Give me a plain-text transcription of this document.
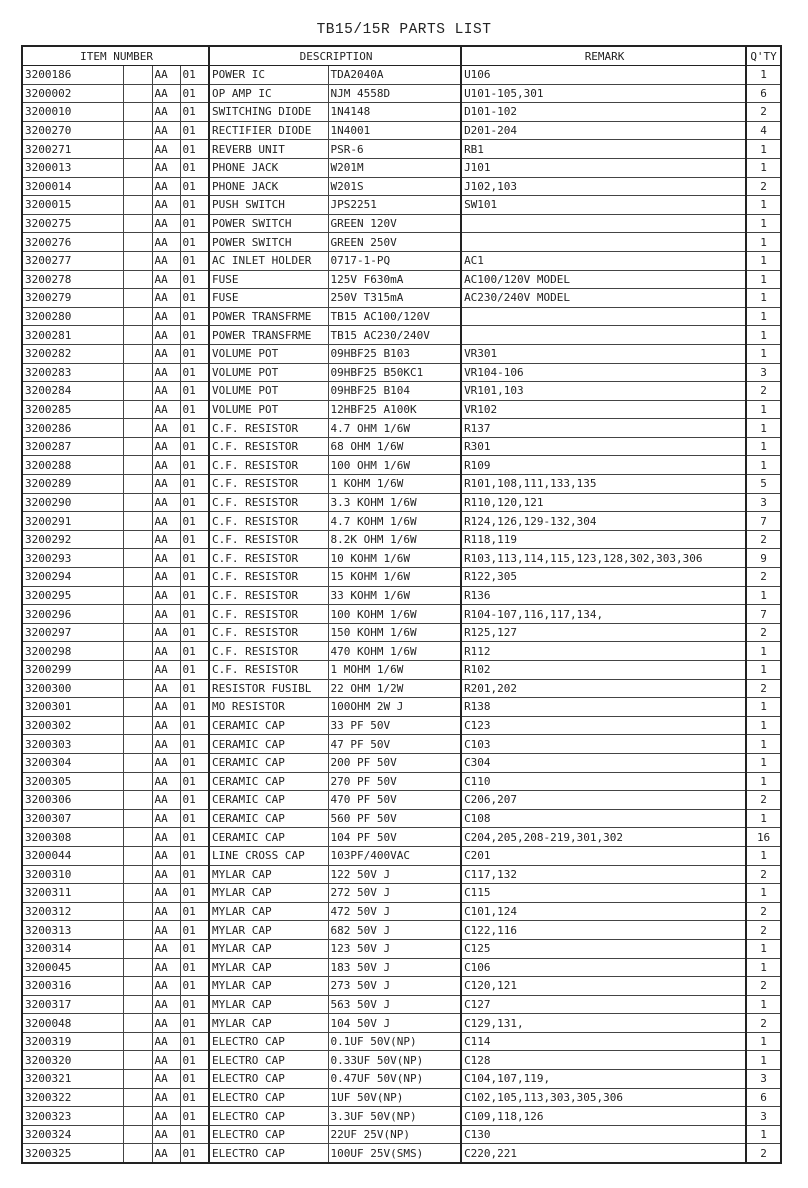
TB15/15R PARTS LIST
ITEM NUMBER				DESCRIPTION		REMARK	Q'TY
3200186		AA	01	POWER IC	TDA2040A	U106	1
3200002		AA	01	OP AMP IC	NJM 4558D	U101-105,301	6
3200010		AA	01	SWITCHING DIODE	1N4148	D101-102	2
3200270		AA	01	RECTIFIER DIODE	1N4001	D201-204	4
3200271		AA	01	REVERB UNIT	PSR-6	RB1	1
3200013		AA	01	PHONE JACK	W201M	J101	1
3200014		AA	01	PHONE JACK	W201S	J102,103	2
3200015		AA	01	PUSH SWITCH	JPS2251	SW101	1
3200275		AA	01	POWER SWITCH	GREEN 120V		1
3200276		AA	01	POWER SWITCH	GREEN 250V		1
3200277		AA	01	AC INLET HOLDER	0717-1-PQ	AC1	1
3200278		AA	01	FUSE	125V F630mA	AC100/120V MODEL	1
3200279		AA	01	FUSE	250V T315mA	AC230/240V MODEL	1
3200280		AA	01	POWER TRANSFRME	TB15 AC100/120V		1
3200281		AA	01	POWER TRANSFRME	TB15 AC230/240V		1
3200282		AA	01	VOLUME POT	09HBF25 B103	VR301	1
3200283		AA	01	VOLUME POT	09HBF25 B50KC1	VR104-106	3
3200284		AA	01	VOLUME POT	09HBF25 B104	VR101,103	2
3200285		AA	01	VOLUME POT	12HBF25 A100K	VR102	1
3200286		AA	01	C.F. RESISTOR	4.7 OHM 1/6W	R137	1
3200287		AA	01	C.F. RESISTOR	68 OHM 1/6W	R301	1
3200288		AA	01	C.F. RESISTOR	100 OHM 1/6W	R109	1
3200289		AA	01	C.F. RESISTOR	1 KOHM 1/6W	R101,108,111,133,135	5
3200290		AA	01	C.F. RESISTOR	3.3 KOHM 1/6W	R110,120,121	3
3200291		AA	01	C.F. RESISTOR	4.7 KOHM 1/6W	R124,126,129-132,304	7
3200292		AA	01	C.F. RESISTOR	8.2K OHM 1/6W	R118,119	2
3200293		AA	01	C.F. RESISTOR	10 KOHM 1/6W	R103,113,114,115,123,128,302,303,306	9
3200294		AA	01	C.F. RESISTOR	15 KOHM 1/6W	R122,305	2
3200295		AA	01	C.F. RESISTOR	33 KOHM 1/6W	R136	1
3200296		AA	01	C.F. RESISTOR	100 KOHM 1/6W	R104-107,116,117,134,	7
3200297		AA	01	C.F. RESISTOR	150 KOHM 1/6W	R125,127	2
3200298		AA	01	C.F. RESISTOR	470 KOHM 1/6W	R112	1
3200299		AA	01	C.F. RESISTOR	1 MOHM 1/6W	R102	1
3200300		AA	01	RESISTOR FUSIBL	22 OHM 1/2W	R201,202	2
3200301		AA	01	MO RESISTOR	100OHM 2W J	R138	1
3200302		AA	01	CERAMIC CAP	33 PF 50V	C123	1
3200303		AA	01	CERAMIC CAP	47 PF 50V	C103	1
3200304		AA	01	CERAMIC CAP	200 PF 50V	C304	1
3200305		AA	01	CERAMIC CAP	270 PF 50V	C110	1
3200306		AA	01	CERAMIC CAP	470 PF 50V	C206,207	2
3200307		AA	01	CERAMIC CAP	560 PF 50V	C108	1
3200308		AA	01	CERAMIC CAP	104 PF 50V	C204,205,208-219,301,302	16
3200044		AA	01	LINE CROSS CAP	103PF/400VAC	C201	1
3200310		AA	01	MYLAR CAP	122 50V J	C117,132	2
3200311		AA	01	MYLAR CAP	272 50V J	C115	1
3200312		AA	01	MYLAR CAP	472 50V J	C101,124	2
3200313		AA	01	MYLAR CAP	682 50V J	C122,116	2
3200314		AA	01	MYLAR CAP	123 50V J	C125	1
3200045		AA	01	MYLAR CAP	183 50V J	C106	1
3200316		AA	01	MYLAR CAP	273 50V J	C120,121	2
3200317		AA	01	MYLAR CAP	563 50V J	C127	1
3200048		AA	01	MYLAR CAP	104 50V J	C129,131,	2
3200319		AA	01	ELECTRO CAP	0.1UF 50V(NP)	C114	1
3200320		AA	01	ELECTRO CAP	0.33UF 50V(NP)	C128	1
3200321		AA	01	ELECTRO CAP	0.47UF 50V(NP)	C104,107,119,	3
3200322		AA	01	ELECTRO CAP	1UF 50V(NP)	C102,105,113,303,305,306	6
3200323		AA	01	ELECTRO CAP	3.3UF 50V(NP)	C109,118,126	3
3200324		AA	01	ELECTRO CAP	22UF 25V(NP)	C130	1
3200325		AA	01	ELECTRO CAP	100UF 25V(SMS)	C220,221	2
